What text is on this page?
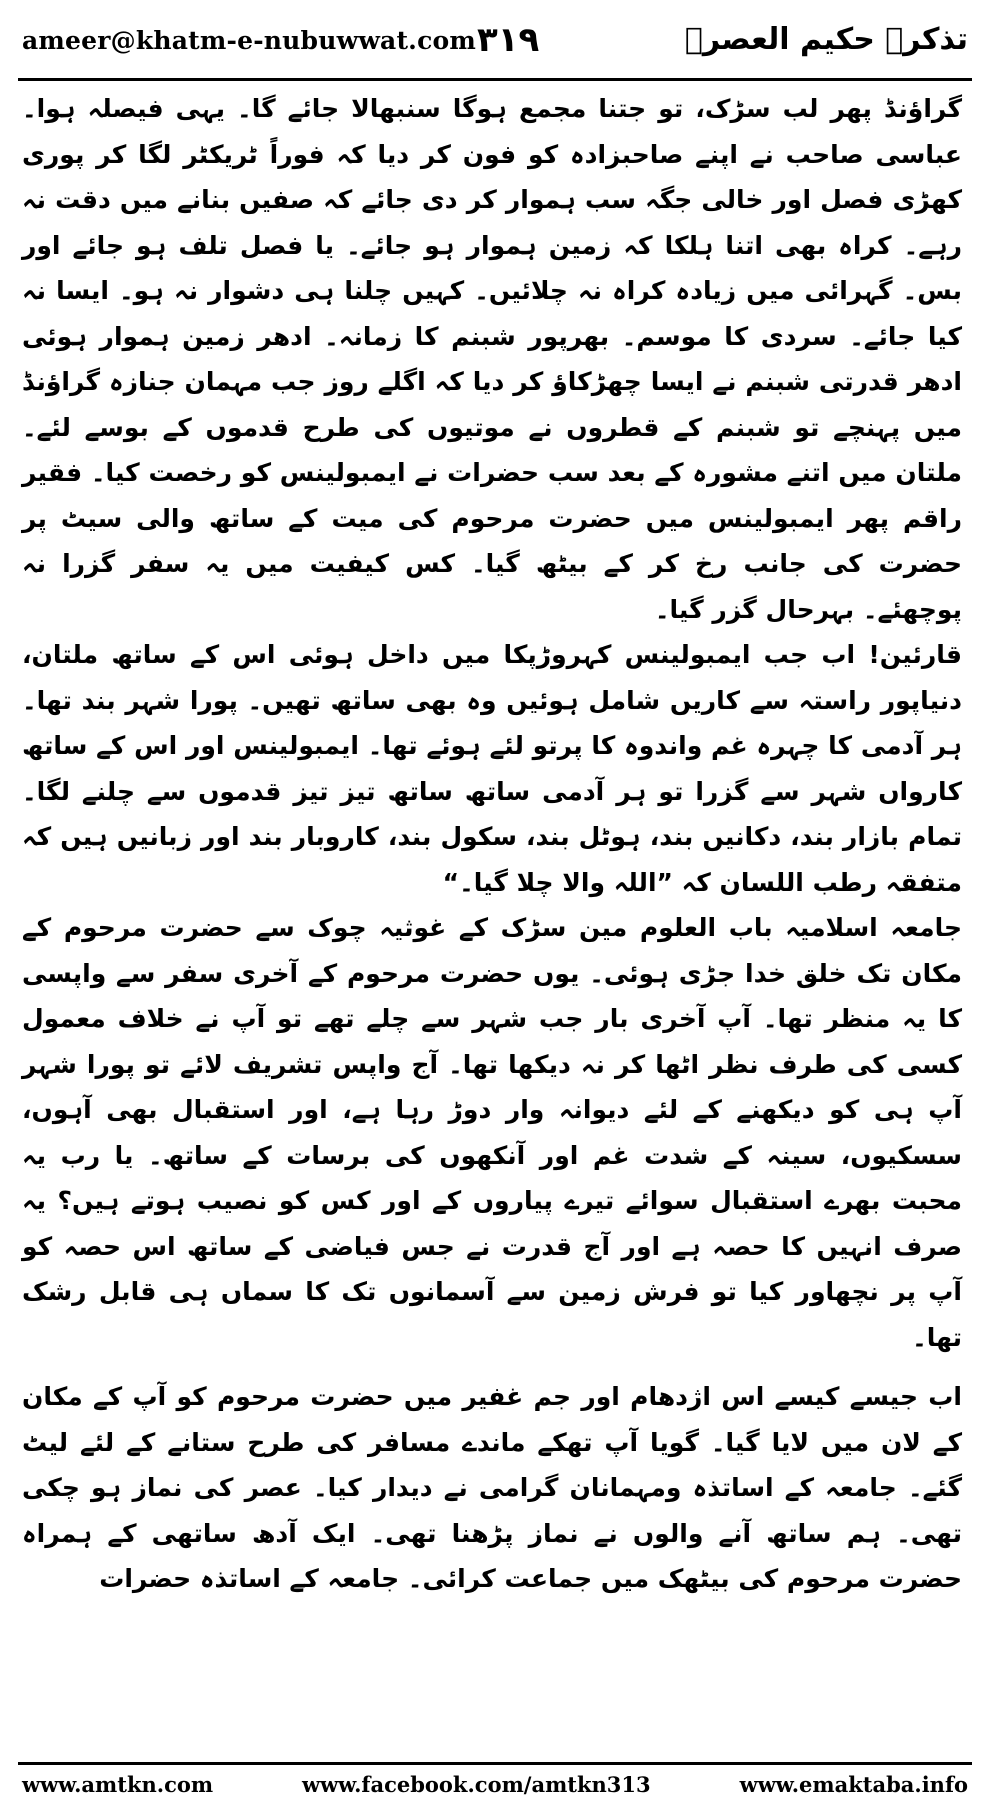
ameer@khatm-e-nubuwwat.com ۳۱۹	تذکرہ حکیم العصرؒ

گراؤنڈ پھر لب سڑک، تو جتنا مجمع ہوگا سنبھالا جائے گا۔ یہی فیصلہ ہوا۔ عباسی صاحب نے اپنے صاحبزادہ کو فون کر دیا کہ فوراً ٹریکٹر لگا کر پوری کھڑی فصل اور خالی جگہ سب ہموار کر دی جائے کہ صفیں بنانے میں دقت نہ رہے۔ کراہ بھی اتنا ہلکا کہ زمین ہموار ہو جائے۔ یا فصل تلف ہو جائے اور بس۔ گہرائی میں زیادہ کراہ نہ چلائیں۔ کہیں چلنا ہی دشوار نہ ہو۔ ایسا نہ کیا جائے۔ سردی کا موسم۔ بھرپور شبنم کا زمانہ۔ ادھر زمین ہموار ہوئی ادھر قدرتی شبنم نے ایسا چھڑکاؤ کر دیا کہ اگلے روز جب مہمان جنازہ گراؤنڈ میں پہنچے تو شبنم کے قطروں نے موتیوں کی طرح قدموں کے بوسے لئے۔ ملتان میں اتنے مشورہ کے بعد سب حضرات نے ایمبولینس کو رخصت کیا۔ فقیر راقم پھر ایمبولینس میں حضرت مرحوم کی میت کے ساتھ والی سیٹ پر حضرت کی جانب رخ کر کے بیٹھ گیا۔ کس کیفیت میں یہ سفر گزرا نہ پوچھئے۔ بہرحال گزر گیا۔

قارئین! اب جب ایمبولینس کہروڑپکا میں داخل ہوئی اس کے ساتھ ملتان، دنیاپور راستہ سے کاریں شامل ہوئیں وہ بھی ساتھ تھیں۔ پورا شہر بند تھا۔ ہر آدمی کا چہرہ غم واندوہ کا پرتو لئے ہوئے تھا۔ ایمبولینس اور اس کے ساتھ کارواں شہر سے گزرا تو ہر آدمی ساتھ ساتھ تیز تیز قدموں سے چلنے لگا۔ تمام بازار بند، دکانیں بند، ہوٹل بند، سکول بند، کاروبار بند اور زبانیں ہیں کہ متفقہ رطب اللسان کہ ”اللہ والا چلا گیا۔“

جامعہ اسلامیہ باب العلوم مین سڑک کے غوثیہ چوک سے حضرت مرحوم کے مکان تک خلق خدا جڑی ہوئی۔ یوں حضرت مرحوم کے آخری سفر سے واپسی کا یہ منظر تھا۔ آپ آخری بار جب شہر سے چلے تھے تو آپ نے خلاف معمول کسی کی طرف نظر اٹھا کر نہ دیکھا تھا۔ آج واپس تشریف لائے تو پورا شہر آپ ہی کو دیکھنے کے لئے دیوانہ وار دوڑ رہا ہے، اور استقبال بھی آہوں، سسکیوں، سینہ کے شدت غم اور آنکھوں کی برسات کے ساتھ۔ یا رب یہ محبت بھرے استقبال سوائے تیرے پیاروں کے اور کس کو نصیب ہوتے ہیں؟ یہ صرف انہیں کا حصہ ہے اور آج قدرت نے جس فیاضی کے ساتھ اس حصہ کو آپ پر نچھاور کیا تو فرش زمین سے آسمانوں تک کا سماں ہی قابل رشک تھا۔

اب جیسے کیسے اس اژدھام اور جم غفیر میں حضرت مرحوم کو آپ کے مکان کے لان میں لایا گیا۔ گویا آپ تھکے ماندے مسافر کی طرح ستانے کے لئے لیٹ گئے۔ جامعہ کے اساتذہ ومہمانان گرامی نے دیدار کیا۔ عصر کی نماز ہو چکی تھی۔ ہم ساتھ آنے والوں نے نماز پڑھنا تھی۔ ایک آدھ ساتھی کے ہمراہ حضرت مرحوم کی بیٹھک میں جماعت کرائی۔ جامعہ کے اساتذہ حضرات

www.amtkn.com	www.facebook.com/amtkn313	www.emaktaba.info
